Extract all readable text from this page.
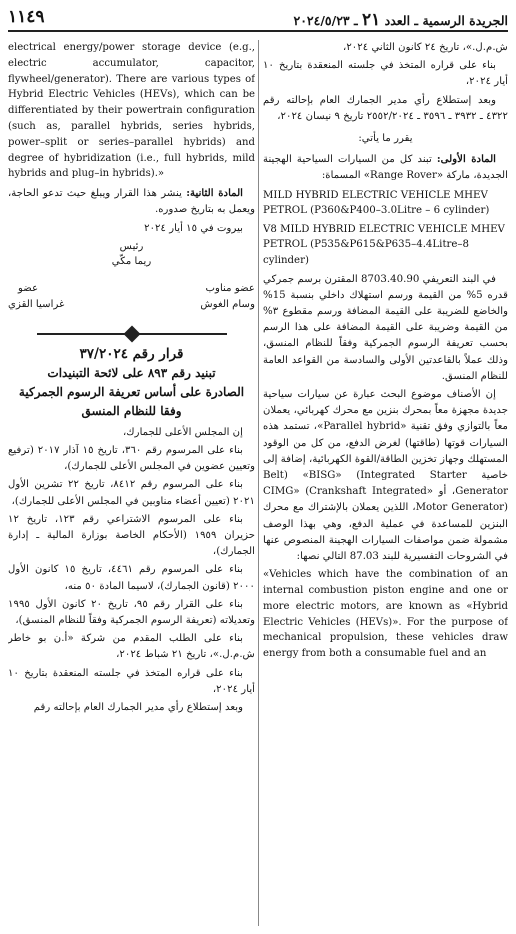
الجريدة الرسمية ـ العدد ٢١ ـ ٢٠٢٤/٥/٢٣
١١٤٩

ش.م.ل.»، تاريخ ٢٤ كانون الثاني ٢٠٢٤،

بناء على قراره المتخذ في جلسته المنعقدة بتاريخ ١٠ أيار ٢٠٢٤،

وبعد إستطلاع رأي مدير الجمارك العام بإحالته رقم ٤٣٢٢ ـ ٣٩٣٢ ـ ٣٥٩٦ ـ ٢٥٥٢/٢٠٢٤ تاريخ ٩ نيسان ٢٠٢٤،

يقرر ما يأتي:

المادة الأولى: تبند كل من السيارات السياحية الهجينة الجديدة، ماركة «Range Rover» المسماة:

MILD HYBRID ELECTRIC VEHICLE MHEV PETROL (P360&P400–3.0Litre – 6 cylinder)
V8 MILD HYBRID ELECTRIC VEHICLE MHEV PETROL (P535&P615&P635–4.4Litre–8 cylinder)

في البند التعريفي 8703.40.90 المقترن برسم جمركي قدره 5% من القيمة ورسم استهلاك داخلي بنسبة 15% والخاضع للضريبة على القيمة المضافة ورسم مقطوع ٣% من القيمة وضريبة على القيمة المضافة على هذا الرسم بحسب تعريفة الرسوم الجمركية وفقاً للنظام المنسق، وذلك عملاً بالقاعدتين الأولى والسادسة من القواعد العامة للنظام المنسق.

إن الأصناف موضوع البحث عبارة عن سيارات سياحية جديدة مجهزة معاً بمحرك بنزين مع محرك كهربائي، يعملان معاً بالتوازي وفق تقنية «Parallel hybrid»، تستمد هذه السيارات قوتها (طاقتها) لغرض الدفع، من كل من الوقود المستهلك وجهاز تخزين الطاقة/القوة الكهربائية، إضافة إلى خاصية Belt) «BISG» (Integrated Starter Generator، أو «CIMG» (Crankshaft Integrated Motor Generator)، اللذين يعملان بالإشتراك مع محرك البنزين للمساعدة في عملية الدفع، وهي بهذا الوصف مشمولة ضمن مواصفات السيارات الهجينة المنصوص عنها في الشروحات التفسيرية للبند 87.03 التالي نصها:

«Vehicles which have the combination of an internal combustion piston engine and one or more electric motors, are known as «Hybrid Electric Vehicles (HEVs)». For the purpose of mechanical propulsion, these vehicles draw energy from both a consumable fuel and an
electrical energy/power storage device (e.g., electric accumulator, capacitor, flywheel/generator). There are various types of Hybrid Electric Vehicles (HEVs), which can be differentiated by their powertrain configuration (such as, parallel hybrids, series hybrids, power–split or series–parallel hybrids) and degree of hybridization (i.e., full hybrids, mild hybrids and plug–in hybrids).»

المادة الثانية: ينشر هذا القرار ويبلغ حيث تدعو الحاجة، ويعمل به بتاريخ صدوره.

بيروت في ١٥ أيار ٢٠٢٤

رئيس
ريما مكّي
عضو مناوب
وسام الغوش
عضو
غراسيا القزي
قرار رقم ٣٧/٢٠٢٤
تبنيد رقم ٨٩٣ على لائحة التبنيدات
الصادرة على أساس تعريفة الرسوم الجمركية
وفقا للنظام المنسق

إن المجلس الأعلى للجمارك،

بناء على المرسوم رقم ٣٦٠، تاريخ ١٥ آذار ٢٠١٧ (ترفيع وتعيين عضوين في المجلس الأعلى للجمارك)،

بناء على المرسوم رقم ٨٤١٢، تاريخ ٢٢ تشرين الأول ٢٠٢١ (تعيين أعضاء مناوبين في المجلس الأعلى للجمارك)،

بناء على المرسوم الاشتراعي رقم ١٢٣، تاريخ ١٢ حزيران ١٩٥٩ (الأحكام الخاصة بوزارة المالية ـ إدارة الجمارك)،

بناء على المرسوم رقم ٤٤٦١، تاريخ ١٥ كانون الأول ٢٠٠٠ (قانون الجمارك)، لاسيما المادة ٥٠ منه،

بناء على القرار رقم ٩٥، تاريخ ٢٠ كانون الأول ١٩٩٥ وتعديلاته (تعريفة الرسوم الجمركية وفقاً للنظام المنسق)،

بناء على الطلب المقدم من شركة «أ.ن بو خاطر ش.م.ل.»، تاريخ ٢١ شباط ٢٠٢٤،

بناء على قراره المتخذ في جلسته المنعقدة بتاريخ ١٠ أيار ٢٠٢٤،

وبعد إستطلاع رأي مدير الجمارك العام بإحالته رقم
